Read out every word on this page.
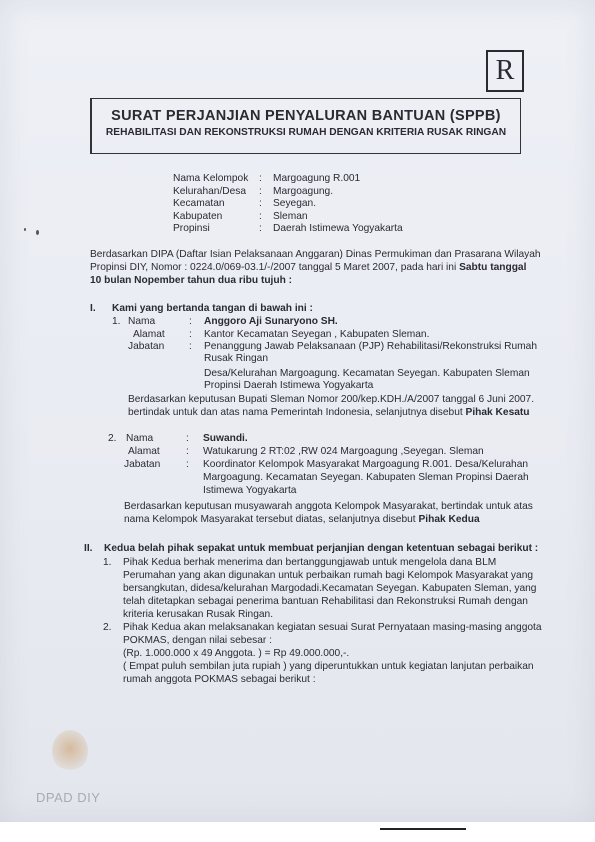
R
SURAT PERJANJIAN PENYALURAN BANTUAN (SPPB)
REHABILITASI DAN REKONSTRUKSI RUMAH DENGAN KRITERIA RUSAK RINGAN
Nama Kelompok	:	Margoagung R.001
Kelurahan/Desa	:	Margoagung.
Kecamatan	:	Seyegan.
Kabupaten	:	Sleman
Propinsi	:	Daerah Istimewa Yogyakarta
Berdasarkan DIPA (Daftar Isian Pelaksanaan Anggaran) Dinas Permukiman dan Prasarana Wilayah
Propinsi DIY, Nomor : 0224.0/069-03.1/-/2007 tanggal 5 Maret 2007, pada hari ini Sabtu tanggal
10 bulan Nopember tahun dua ribu tujuh :
I. Kami yang bertanda tangan di bawah ini :
1. Nama	: Anggoro Aji Sunaryono SH.
Alamat : Kantor Kecamatan Seyegan , Kabupaten Sleman.
Jabatan : Penanggung Jawab Pelaksanaan (PJP) Rehabilitasi/Rekonstruksi Rumah
Rusak Ringan
Desa/Kelurahan Margoagung. Kecamatan Seyegan. Kabupaten Sleman
Propinsi Daerah Istimewa Yogyakarta
Berdasarkan keputusan Bupati Sleman Nomor 200/kep.KDH./A/2007 tanggal 6 Juni 2007.
bertindak untuk dan atas nama Pemerintah Indonesia, selanjutnya disebut Pihak Kesatu
2. Nama	: Suwandi.
Alamat	: Watukarung 2 RT:02 ,RW 024 Margoagung ,Seyegan. Sleman
Jabatan	: Koordinator Kelompok Masyarakat Margoagung R.001. Desa/Kelurahan
Margoagung. Kecamatan Seyegan. Kabupaten Sleman Propinsi Daerah
Istimewa Yogyakarta
Berdasarkan keputusan musyawarah anggota Kelompok Masyarakat, bertindak untuk atas
nama Kelompok Masyarakat tersebut diatas, selanjutnya disebut Pihak Kedua
II. Kedua belah pihak sepakat untuk membuat perjanjian dengan ketentuan sebagai berikut :
1. Pihak Kedua berhak menerima dan bertanggungjawab untuk mengelola dana BLM
Perumahan yang akan digunakan untuk perbaikan rumah bagi Kelompok Masyarakat yang
bersangkutan, didesa/kelurahan Margodadi.Kecamatan Seyegan. Kabupaten Sleman, yang
telah ditetapkan sebagai penerima bantuan Rehabilitasi dan Rekonstruksi Rumah dengan
kriteria kerusakan Rusak Ringan.
2. Pihak Kedua akan melaksanakan kegiatan sesuai Surat Pernyataan masing-masing anggota
POKMAS, dengan nilai sebesar :
(Rp. 1.000.000 x 49 Anggota. ) = Rp 49.000.000,-.
( Empat puluh sembilan juta rupiah ) yang diperuntukkan untuk kegiatan lanjutan perbaikan
rumah anggota POKMAS sebagai berikut :
DPAD DIY
